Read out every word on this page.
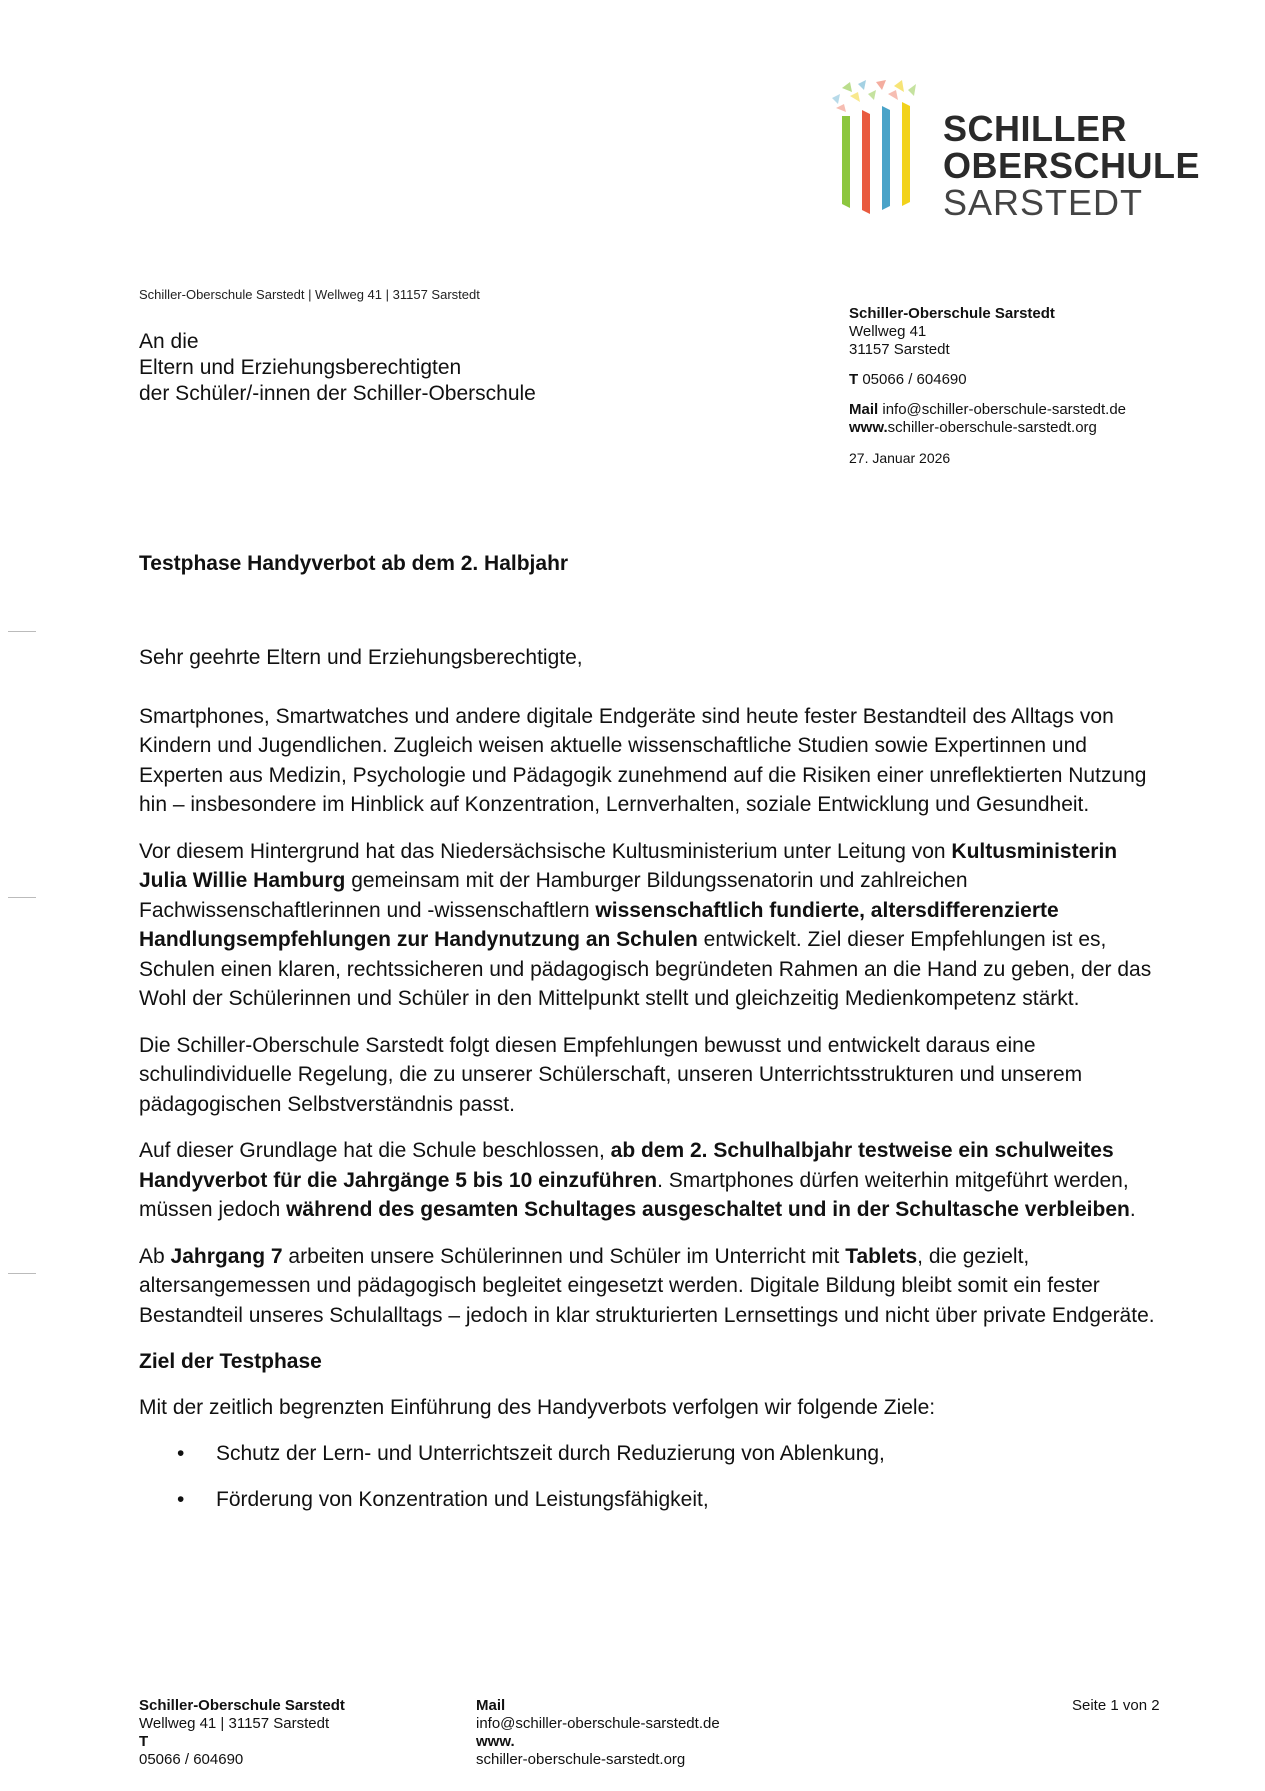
SCHILLER
OBERSCHULE
SARSTEDT
Schiller-Oberschule Sarstedt | Wellweg 41 | 31157 Sarstedt
An die
Eltern und Erziehungsberechtigten
der Schüler/-innen der Schiller-Oberschule
Schiller-Oberschule Sarstedt
Wellweg 41
31157 Sarstedt
T 05066 / 604690
Mail info@schiller-oberschule-sarstedt.de
www.schiller-oberschule-sarstedt.org
27. Januar 2026
Testphase Handyverbot ab dem 2. Halbjahr

Sehr geehrte Eltern und Erziehungsberechtigte,

Smartphones, Smartwatches und andere digitale Endgeräte sind heute fester Bestandteil des Alltags von Kindern und Jugendlichen. Zugleich weisen aktuelle wissenschaftliche Studien sowie Expertinnen und Experten aus Medizin, Psychologie und Pädagogik zunehmend auf die Risiken einer unreflektierten Nutzung hin – insbesondere im Hinblick auf Konzentration, Lernverhalten, soziale Entwicklung und Gesundheit.

Vor diesem Hintergrund hat das Niedersächsische Kultusministerium unter Leitung von Kultusministerin Julia Willie Hamburg gemeinsam mit der Hamburger Bildungssenatorin und zahlreichen Fachwissenschaftlerinnen und -wissenschaftlern wissenschaftlich fundierte, altersdifferenzierte Handlungsempfehlungen zur Handynutzung an Schulen entwickelt. Ziel dieser Empfehlungen ist es, Schulen einen klaren, rechtssicheren und pädagogisch begründeten Rahmen an die Hand zu geben, der das Wohl der Schülerinnen und Schüler in den Mittelpunkt stellt und gleichzeitig Medienkompetenz stärkt.

Die Schiller-Oberschule Sarstedt folgt diesen Empfehlungen bewusst und entwickelt daraus eine schulindividuelle Regelung, die zu unserer Schülerschaft, unseren Unterrichtsstrukturen und unserem pädagogischen Selbstverständnis passt.

Auf dieser Grundlage hat die Schule beschlossen, ab dem 2. Schulhalbjahr testweise ein schulweites Handyverbot für die Jahrgänge 5 bis 10 einzuführen. Smartphones dürfen weiterhin mitgeführt werden, müssen jedoch während des gesamten Schultages ausgeschaltet und in der Schultasche verbleiben.

Ab Jahrgang 7 arbeiten unsere Schülerinnen und Schüler im Unterricht mit Tablets, die gezielt, altersangemessen und pädagogisch begleitet eingesetzt werden. Digitale Bildung bleibt somit ein fester Bestandteil unseres Schulalltags – jedoch in klar strukturierten Lernsettings und nicht über private Endgeräte.

Ziel der Testphase

Mit der zeitlich begrenzten Einführung des Handyverbots verfolgen wir folgende Ziele:

• Schutz der Lern- und Unterrichtszeit durch Reduzierung von Ablenkung,
• Förderung von Konzentration und Leistungsfähigkeit,
Schiller-Oberschule Sarstedt
Wellweg 41 | 31157 Sarstedt
T
05066 / 604690
Mail
info@schiller-oberschule-sarstedt.de
www.
schiller-oberschule-sarstedt.org
Seite 1 von 2
